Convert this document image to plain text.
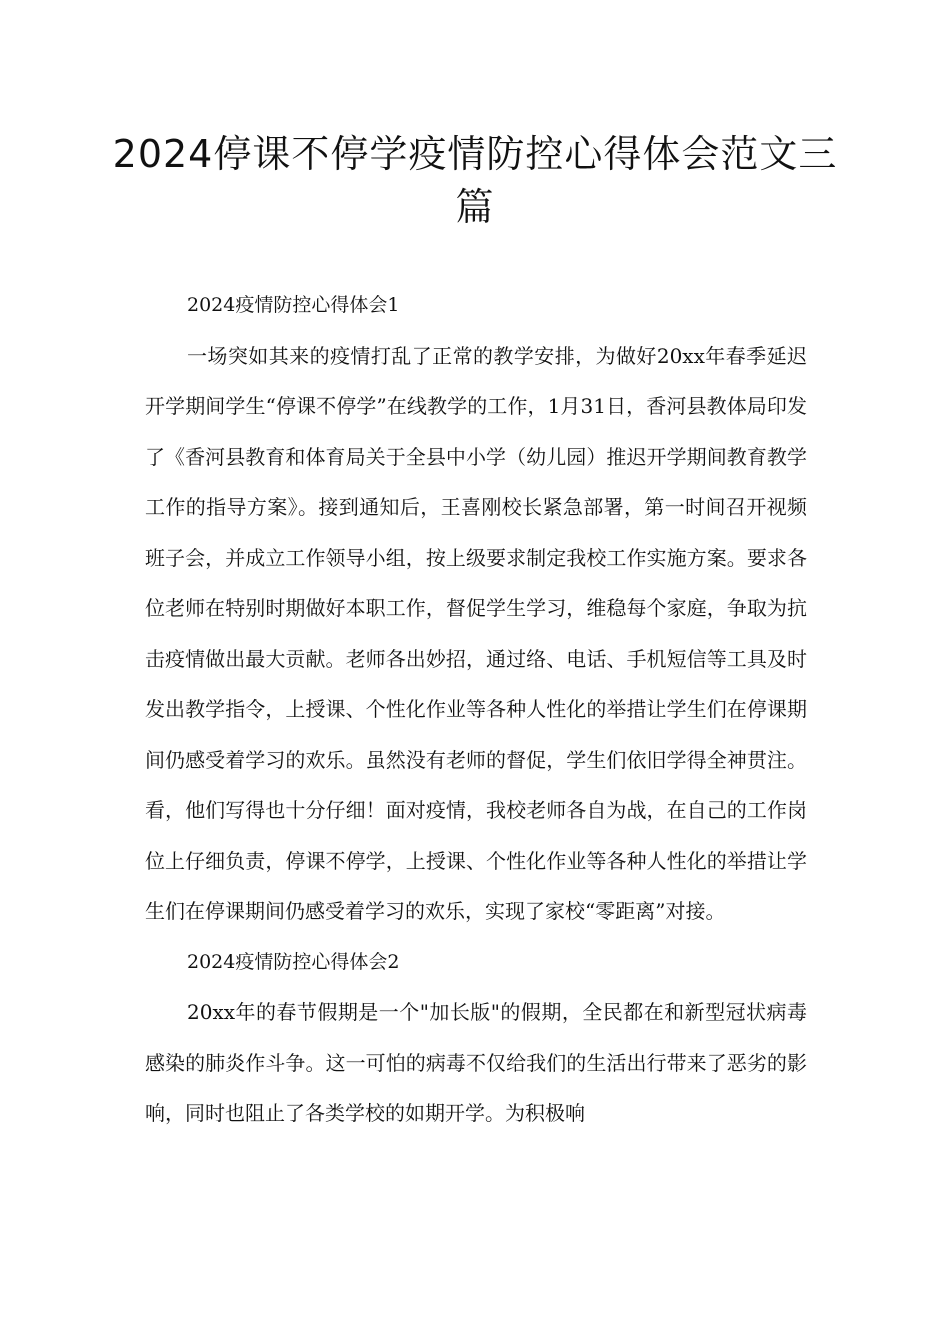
2024停课不停学疫情防控心得体会范文三篇

2024疫情防控心得体会1

一场突如其来的疫情打乱了正常的教学安排，为做好20xx年春季延迟开学期间学生“停课不停学”在线教学的工作，1月31日，香河县教体局印发了《香河县教育和体育局关于全县中小学（幼儿园）推迟开学期间教育教学工作的指导方案》。接到通知后，王喜刚校长紧急部署，第一时间召开视频班子会，并成立工作领导小组，按上级要求制定我校工作实施方案。要求各位老师在特别时期做好本职工作，督促学生学习，维稳每个家庭，争取为抗击疫情做出最大贡献。老师各出妙招，通过络、电话、手机短信等工具及时发出教学指令，上授课、个性化作业等各种人性化的举措让学生们在停课期间仍感受着学习的欢乐。虽然没有老师的督促，学生们依旧学得全神贯注。看，他们写得也十分仔细！面对疫情，我校老师各自为战，在自己的工作岗位上仔细负责，停课不停学，上授课、个性化作业等各种人性化的举措让学生们在停课期间仍感受着学习的欢乐，实现了家校“零距离”对接。

2024疫情防控心得体会2

20xx年的春节假期是一个"加长版"的假期，全民都在和新型冠状病毒感染的肺炎作斗争。这一可怕的病毒不仅给我们的生活出行带来了恶劣的影响，同时也阻止了各类学校的如期开学。为积极响
